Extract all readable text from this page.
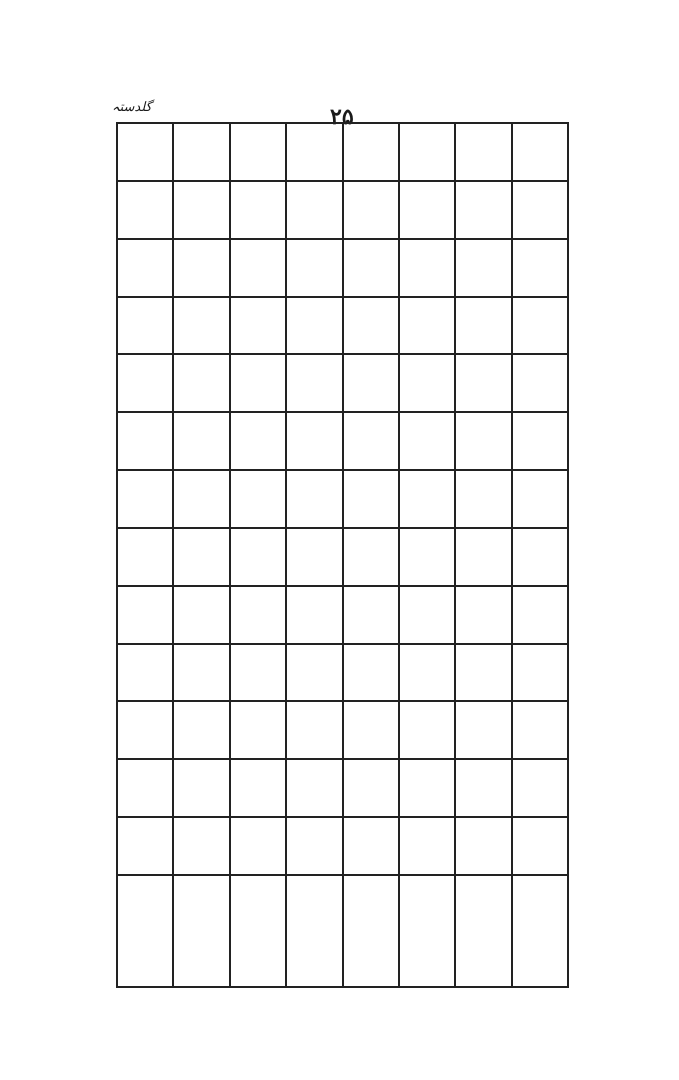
گلدستہ	۲۵
